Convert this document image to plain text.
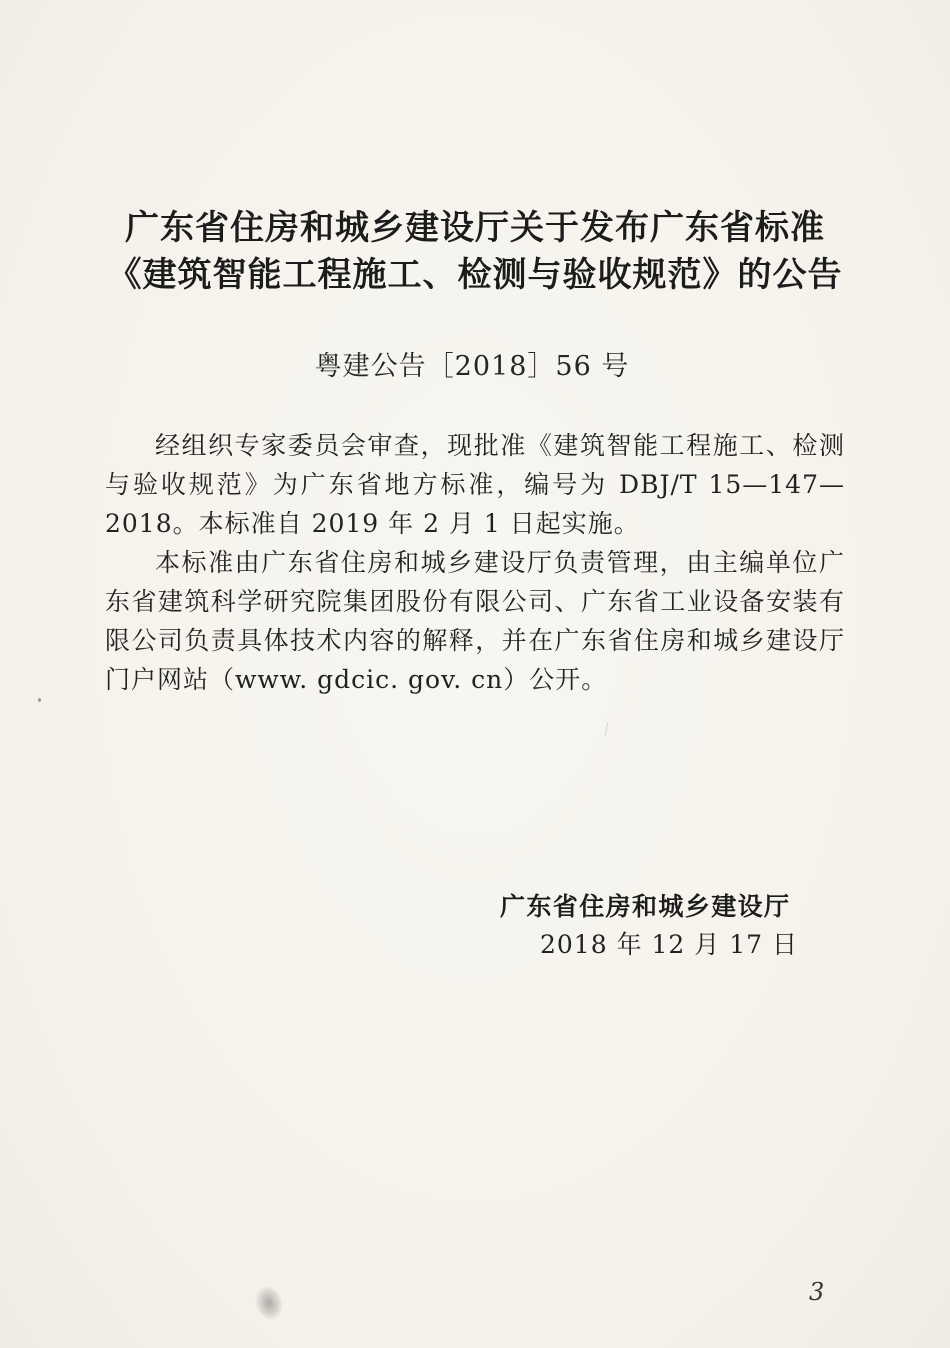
广东省住房和城乡建设厅关于发布广东省标准
《建筑智能工程施工、检测与验收规范》的公告
粤建公告［2018］56 号
经组织专家委员会审查，现批准《建筑智能工程施工、检测
与验收规范》为广东省地方标准，编号为 DBJ/T 15—147—
2018。本标准自 2019 年 2 月 1 日起实施。
本标准由广东省住房和城乡建设厅负责管理，由主编单位广
东省建筑科学研究院集团股份有限公司、广东省工业设备安装有
限公司负责具体技术内容的解释，并在广东省住房和城乡建设厅
门户网站（www. gdcic. gov. cn）公开。
广东省住房和城乡建设厅
2018 年 12 月 17 日
3
